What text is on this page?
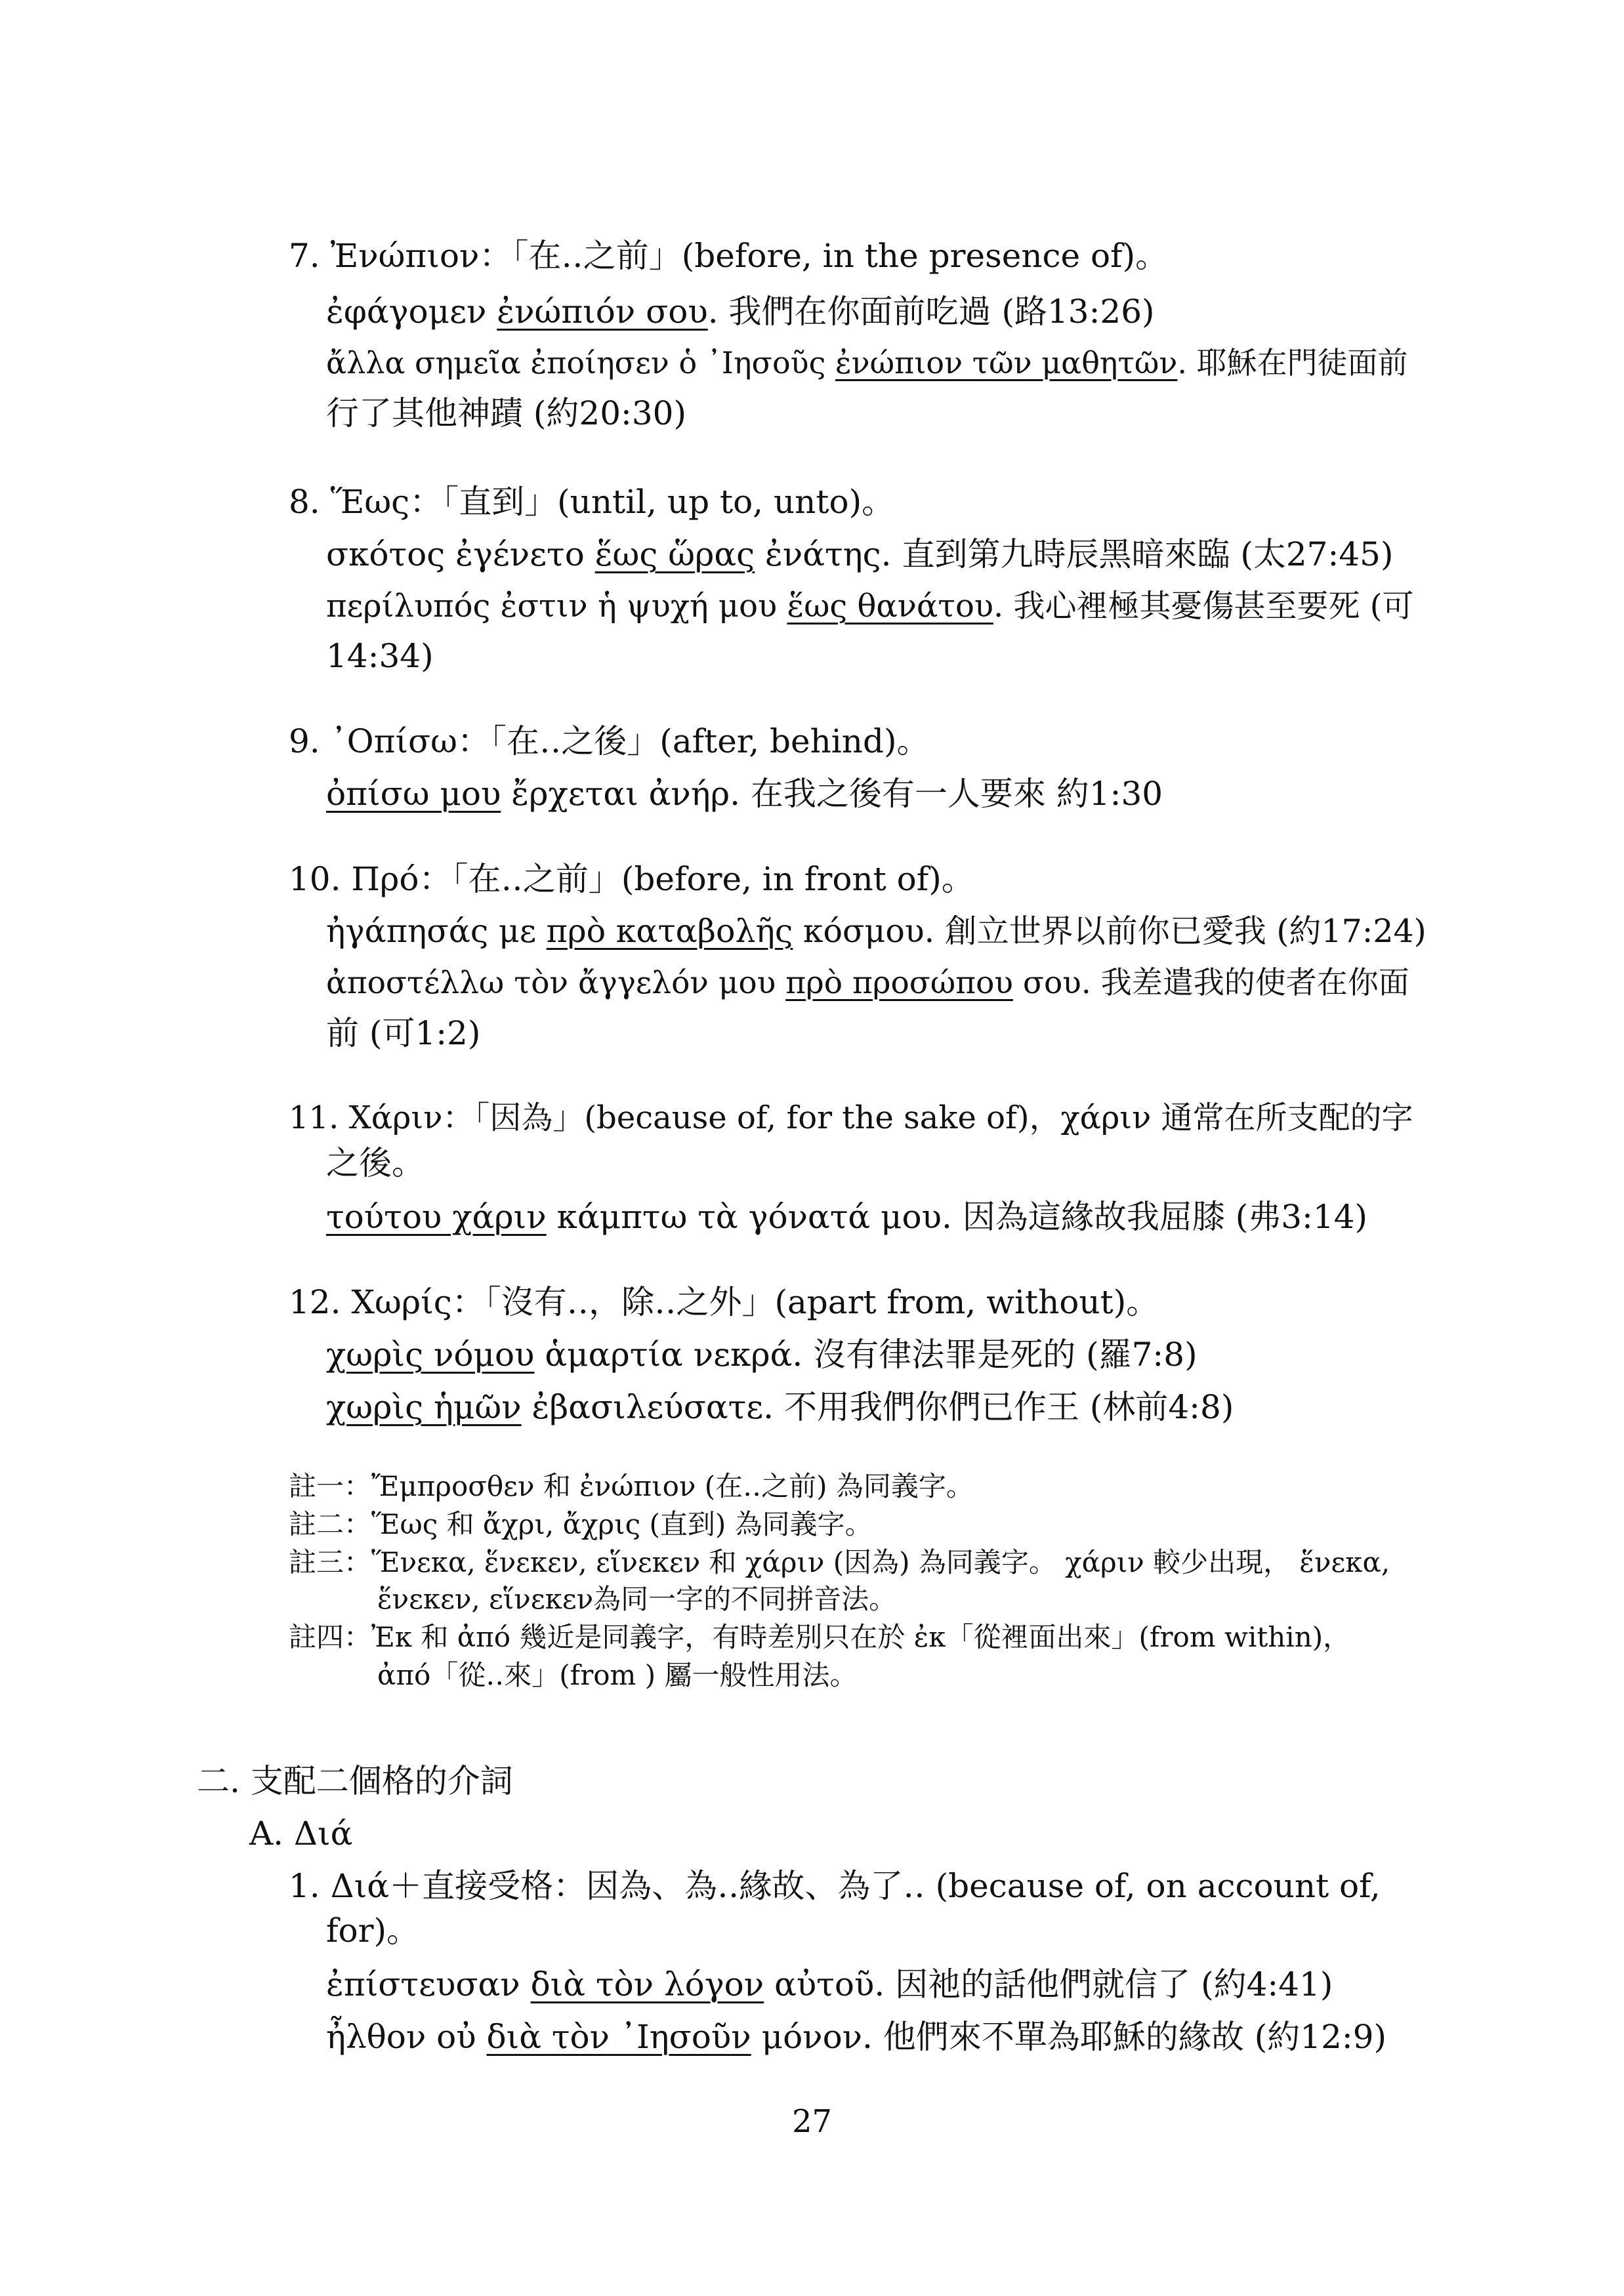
7. Ἐνώπιον：「在‥之前」(before, in the presence of)。
ἐφάγομεν ἐνώπιόν σου. 我們在你面前吃過 (路13:26)
ἄλλα σημεῖα ἐποίησεν ὁ ᾿Ιησοῦς ἐνώπιον τῶν μαθητῶν. 耶穌在門徒面前
行了其他神蹟 (約20:30)
8. Ἕως：「直到」(until, up to, unto)。
σκότος ἐγένετο ἕως ὥρας ἐνάτης. 直到第九時辰黑暗來臨 (太27:45)
περίλυπός ἐστιν ἡ ψυχή μου ἕως θανάτου. 我心裡極其憂傷甚至要死 (可
14:34)
9. ᾿Οπίσω：「在‥之後」(after, behind)。
ὀπίσω μου ἔρχεται ἀνήρ. 在我之後有一人要來 約1:30
10. Πρό：「在‥之前」(before, in front of)。
ἠγάπησάς με πρὸ καταβολῆς κόσμου. 創立世界以前你已愛我 (約17:24)
ἀποστέλλω τὸν ἄγγελόν μου πρὸ προσώπου σου. 我差遣我的使者在你面
前 (可1:2)
11. Χάριν：「因為」(because of, for the sake of)，χάριν 通常在所支配的字
之後。
τούτου χάριν κάμπτω τὰ γόνατά μου. 因為這緣故我屈膝 (弗3:14)
12. Χωρίς：「沒有‥，除‥之外」(apart from, without)。
χωρὶς νόμου ἁμαρτία νεκρά. 沒有律法罪是死的 (羅7:8)
χωρὶς ἡμῶν ἐβασιλεύσατε. 不用我們你們已作王 (林前4:8)
註一：Ἔμπροσθεν 和 ἐνώπιον (在‥之前) 為同義字。
註二：Ἕως 和 ἄχρι, ἄχρις (直到) 為同義字。
註三：Ἕνεκα, ἕνεκεν, εἵνεκεν 和 χάριν (因為) 為同義字。 χάριν 較少出現， ἕνεκα,
ἕνεκεν, εἵνεκεν為同一字的不同拼音法。
註四：Ἐκ 和 ἀπό 幾近是同義字，有時差別只在於 ἐκ「從裡面出來」(from within)，
ἀπό「從‥來」(from ) 屬一般性用法。
二. 支配二個格的介詞
A. Διά
1. Διά＋直接受格：因為、為‥緣故、為了‥ (because of, on account of,
for)。
ἐπίστευσαν διὰ τὸν λόγον αὐτοῦ. 因祂的話他們就信了 (約4:41)
ἦλθον οὐ διὰ τὸν ᾿Ιησοῦν μόνον. 他們來不單為耶穌的緣故 (約12:9)
27
